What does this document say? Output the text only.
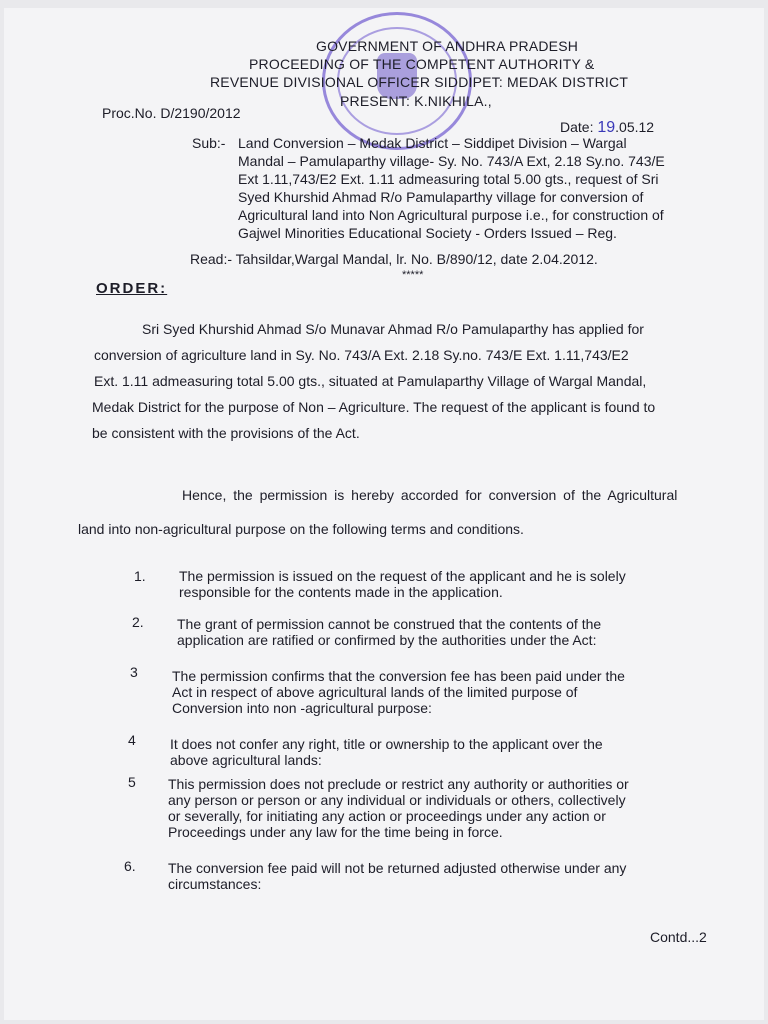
GOVERNMENT OF ANDHRA PRADESH
PROCEEDING OF THE COMPETENT AUTHORITY &
REVENUE DIVISIONAL OFFICER SIDDIPET: MEDAK DISTRICT
PRESENT: K.NIKHILA.,
Proc.No. D/2190/2012
Date: 19.05.12
Sub:- Land Conversion – Medak District – Siddipet Division – Wargal
Mandal – Pamulaparthy village- Sy. No. 743/A Ext, 2.18 Sy.no. 743/E
Ext 1.11,743/E2 Ext. 1.11 admeasuring total 5.00 gts., request of Sri
Syed Khurshid Ahmad R/o Pamulaparthy village for conversion of
Agricultural land into Non Agricultural purpose i.e., for construction of
Gajwel Minorities Educational Society - Orders Issued – Reg.
Read:- Tahsildar,Wargal Mandal, lr. No. B/890/12, date 2.04.2012.
*****
ORDER:
Sri Syed Khurshid Ahmad S/o Munavar Ahmad R/o Pamulaparthy has applied for
conversion of agriculture land in Sy. No. 743/A Ext. 2.18 Sy.no. 743/E Ext. 1.11,743/E2
Ext. 1.11 admeasuring total 5.00 gts., situated at Pamulaparthy Village of Wargal Mandal,
Medak District for the purpose of Non – Agriculture. The request of the applicant is found to
be consistent with the provisions of the Act.
Hence, the permission is hereby accorded for conversion of the Agricultural
land into non-agricultural purpose on the following terms and conditions.
1. The permission is issued on the request of the applicant and he is solely
responsible for the contents made in the application.
2. The grant of permission cannot be construed that the contents of the
application are ratified or confirmed by the authorities under the Act:
3 The permission confirms that the conversion fee has been paid under the
Act in respect of above agricultural lands of the limited purpose of
Conversion into non -agricultural purpose:
4 It does not confer any right, title or ownership to the applicant over the
above agricultural lands:
5 This permission does not preclude or restrict any authority or authorities or
any person or person or any individual or individuals or others, collectively
or severally, for initiating any action or proceedings under any action or
Proceedings under any law for the time being in force.
6. The conversion fee paid will not be returned adjusted otherwise under any
circumstances:
Contd...2
